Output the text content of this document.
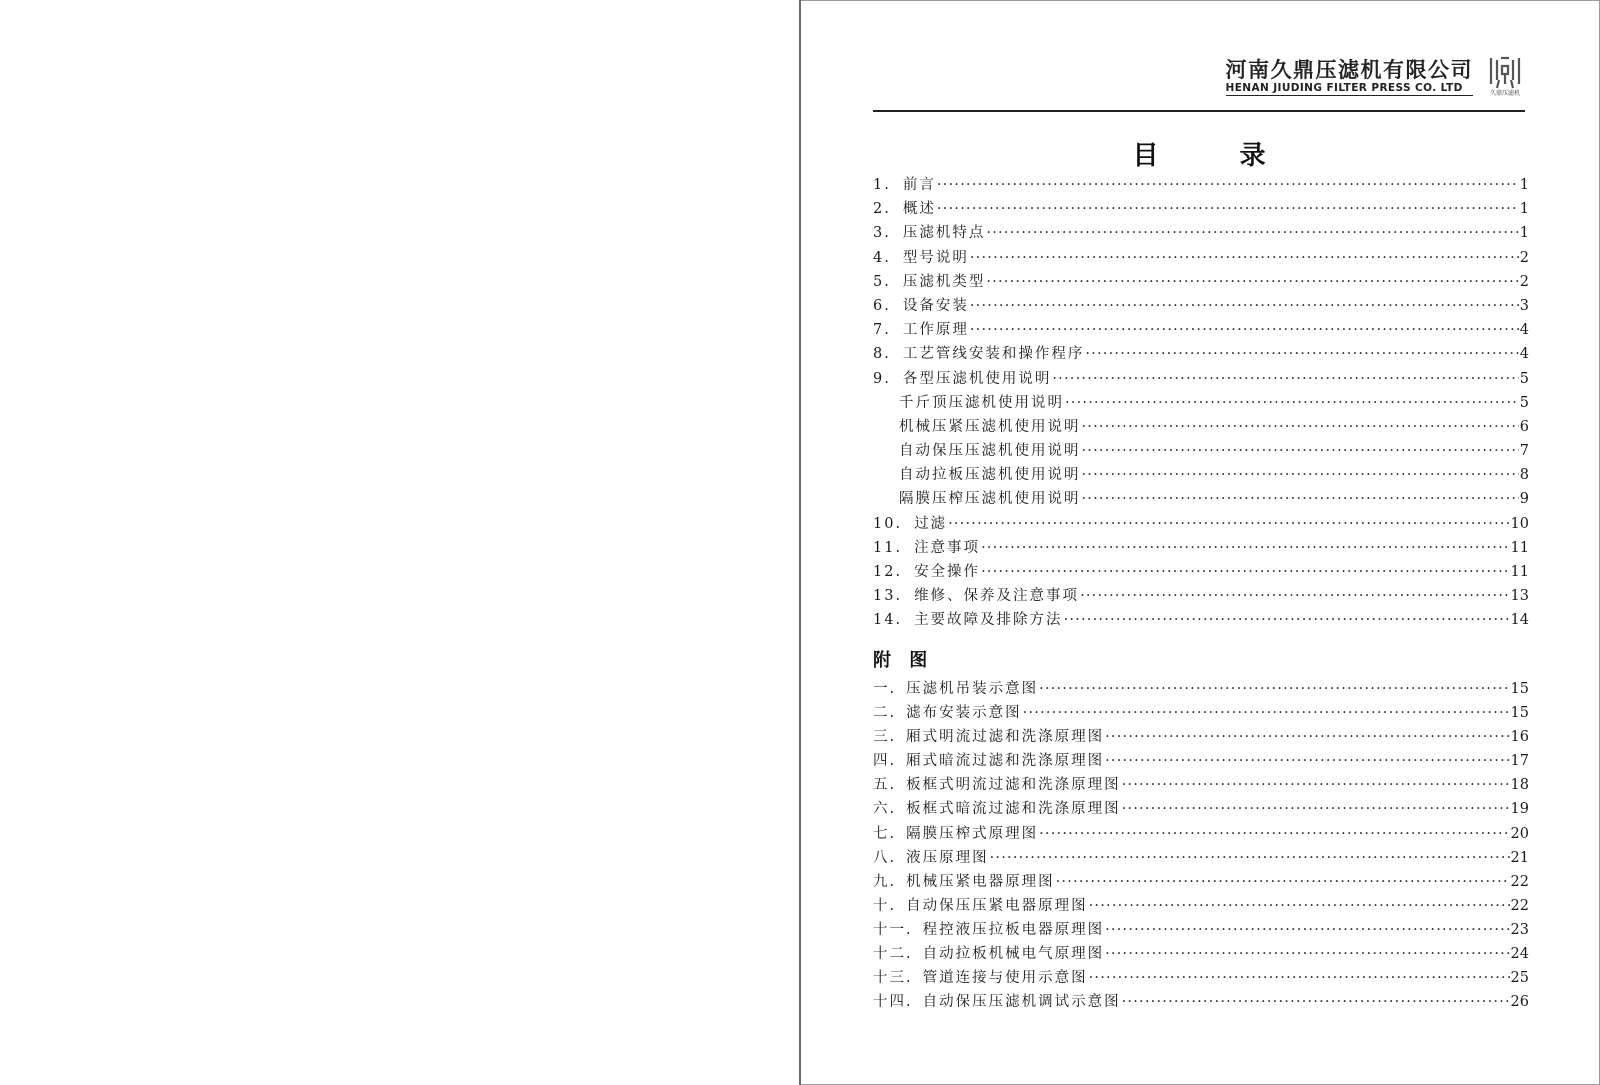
河南久鼎压滤机有限公司
HENAN JIUDING FILTER PRESS CO. LTD	久鼎压滤机
目 录
1. 前言 ·····	1
2. 概述 ·····	1
3. 压滤机特点 ·····	1
4. 型号说明 ·····	2
5. 压滤机类型 ·····	2
6. 设备安装 ·····	3
7. 工作原理 ·····	4
8. 工艺管线安装和操作程序 ·····	4
9. 各型压滤机使用说明 ·····	5
千斤顶压滤机使用说明 ·····	5
机械压紧压滤机使用说明 ·····	6
自动保压压滤机使用说明 ·····	7
自动拉板压滤机使用说明 ·····	8
隔膜压榨压滤机使用说明 ·····	9
10. 过滤 ·····	10
11. 注意事项 ·····	11
12. 安全操作 ·····	11
13. 维修、保养及注意事项 ·····	13
14. 主要故障及排除方法 ·····	14
附 图
一. 压滤机吊装示意图 ·····	15
二. 滤布安装示意图 ·····	15
三. 厢式明流过滤和洗涤原理图 ·····	16
四. 厢式暗流过滤和洗涤原理图 ·····	17
五. 板框式明流过滤和洗涤原理图 ·····	18
六. 板框式暗流过滤和洗涤原理图 ·····	19
七. 隔膜压榨式原理图 ·····	20
八. 液压原理图 ·····	21
九. 机械压紧电器原理图 ·····	22
十. 自动保压压紧电器原理图 ·····	22
十一. 程控液压拉板电器原理图 ·····	23
十二. 自动拉板机械电气原理图 ·····	24
十三. 管道连接与使用示意图 ·····	25
十四. 自动保压压滤机调试示意图 ·····	26
